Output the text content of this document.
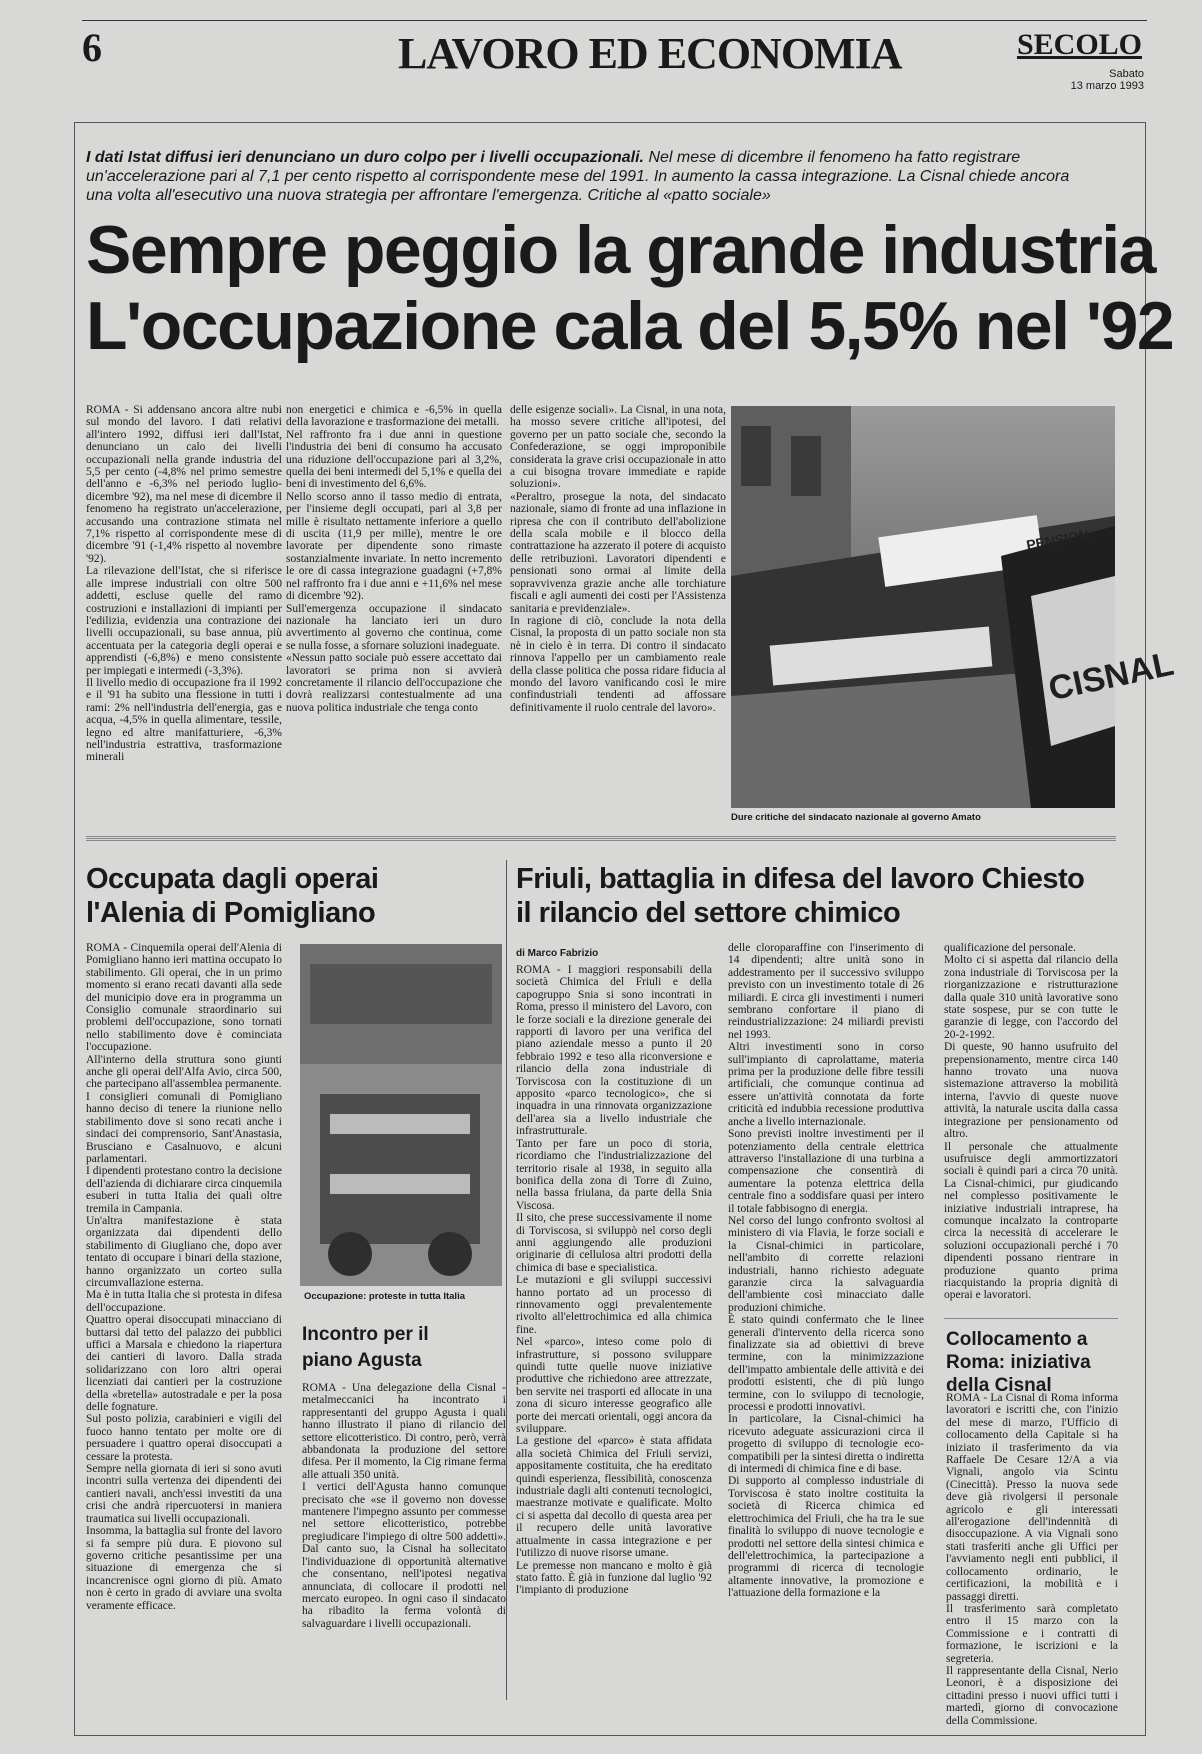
6	LAVORO ED ECONOMIA	SECOLO
Sabato
13 marzo 1993
I dati Istat diffusi ieri denunciano un duro colpo per i livelli occupazionali. Nel mese di dicembre il fenomeno ha fatto registrare un'accelerazione pari al 7,1 per cento rispetto al corrispondente mese del 1991. In aumento la cassa integrazione. La Cisnal chiede ancora una volta all'esecutivo una nuova strategia per affrontare l'emergenza. Critiche al «patto sociale»
Sempre peggio la grande industria
L'occupazione cala del 5,5% nel '92
ROMA - Si addensano ancora altre nubi sul mondo del lavoro. I dati relativi all'intero 1992, diffusi ieri dall'Istat, denunciano un calo dei livelli occupazionali nella grande industria del 5,5 per cento (-4,8% nel primo semestre dell'anno e -6,3% nel periodo luglio-dicembre '92), ma nel mese di dicembre il fenomeno ha registrato un'accelerazione, accusando una contrazione stimata nel 7,1% rispetto al corrispondente mese di dicembre '91 (-1,4% rispetto al novembre '92).
La rilevazione dell'Istat, che si riferisce alle imprese industriali con oltre 500 addetti, escluse quelle del ramo costruzioni e installazioni di impianti per l'edilizia, evidenzia una contrazione dei livelli occupazionali, su base annua, più accentuata per la categoria degli operai e apprendisti (-6,8%) e meno consistente per impiegati e intermedi (-3,3%).
Il livello medio di occupazione fra il 1992 e il '91 ha subito una flessione in tutti i rami: 2% nell'industria dell'energia, gas e acqua, -4,5% in quella alimentare, tessile, legno ed altre manifatturiere, -6,3% nell'industria estrattiva, trasformazione minerali
non energetici e chimica e -6,5% in quella della lavorazione e trasformazione dei metalli.
Nel raffronto fra i due anni in questione l'industria dei beni di consumo ha accusato una riduzione dell'occupazione pari al 3,2%, quella dei beni intermedi del 5,1% e quella dei beni di investimento del 6,6%.
Nello scorso anno il tasso medio di entrata, per l'insieme degli occupati, pari al 3,8 per mille è risultato nettamente inferiore a quello di uscita (11,9 per mille), mentre le ore lavorate per dipendente sono rimaste sostanzialmente invariate. In netto incremento le ore di cassa integrazione guadagni (+7,8% nel raffronto fra i due anni e +11,6% nel mese di dicembre '92).
Sull'emergenza occupazione il sindacato nazionale ha lanciato ieri un duro avvertimento al governo che continua, come se nulla fosse, a sfornare soluzioni inadeguate.
«Nessun patto sociale può essere accettato dai lavoratori se prima non si avvierà concretamente il rilancio dell'occupazione che dovrà realizzarsi contestualmente ad una nuova politica industriale che tenga conto
delle esigenze sociali». La Cisnal, in una nota, ha mosso severe critiche all'ipotesi, del governo per un patto sociale che, secondo la Confederazione, se oggi improponibile considerata la grave crisi occupazionale in atto a cui bisogna trovare immediate e rapide soluzioni».
«Peraltro, prosegue la nota, del sindacato nazionale, siamo di fronte ad una inflazione in ripresa che con il contributo dell'abolizione della scala mobile e il blocco della contrattazione ha azzerato il potere di acquisto delle retribuzioni. Lavoratori dipendenti e pensionati sono ormai al limite della sopravvivenza grazie anche alle torchiature fiscali e agli aumenti dei costi per l'Assistenza sanitaria e previdenziale».
In ragione di ciò, conclude la nota della Cisnal, la proposta di un patto sociale non sta nè in cielo è in terra. Di contro il sindacato rinnova l'appello per un cambiamento reale della classe politica che possa ridare fiducia al mondo del lavoro vanificando così le mire confindustriali tendenti ad affossare definitivamente il ruolo centrale del lavoro».	CISNAL
PENSION
Dure critiche del sindacato nazionale al governo Amato
Occupata dagli operai l'Alenia di Pomigliano
ROMA - Cinquemila operai dell'Alenia di Pomigliano hanno ieri mattina occupato lo stabilimento. Gli operai, che in un primo momento si erano recati davanti alla sede del municipio dove era in programma un Consiglio comunale straordinario sui problemi dell'occupazione, sono tornati nello stabilimento dove è cominciata l'occupazione.
All'interno della struttura sono giunti anche gli operai dell'Alfa Avio, circa 500, che partecipano all'assemblea permanente.
I consiglieri comunali di Pomigliano hanno deciso di tenere la riunione nello stabilimento dove si sono recati anche i sindaci dei comprensorio, Sant'Anastasia, Brusciano e Casalnuovo, e alcuni parlamentari.
I dipendenti protestano contro la decisione dell'azienda di dichiarare circa cinquemila esuberi in tutta Italia dei quali oltre tremila in Campania.
Un'altra manifestazione è stata organizzata dai dipendenti dello stabilimento di Giugliano che, dopo aver tentato di occupare i binari della stazione, hanno organizzato un corteo sulla circumvallazione esterna.
Ma è in tutta Italia che si protesta in difesa dell'occupazione.
Quattro operai disoccupati minacciano di buttarsi dal tetto del palazzo dei pubblici uffici a Marsala e chiedono la riapertura dei cantieri di lavoro. Dalla strada solidarizzano con loro altri operai licenziati dai cantieri per la costruzione della «bretella» autostradale e per la posa delle fognature.
Sul posto polizia, carabinieri e vigili del fuoco hanno tentato per molte ore di persuadere i quattro operai disoccupati a cessare la protesta.
Sempre nella giornata di ieri si sono avuti incontri sulla vertenza dei dipendenti dei cantieri navali, anch'essi investiti da una crisi che andrà ripercuotersi in maniera traumatica sui livelli occupazionali.
Insomma, la battaglia sul fronte del lavoro si fa sempre più dura. E piovono sul governo critiche pesantissime per una situazione di emergenza che si incancrenisce ogni giorno di più. Amato non è certo in grado di avviare una svolta veramente efficace.
Occupazione: proteste in tutta Italia
Incontro per il piano Agusta
ROMA - Una delegazione della Cisnal - metalmeccanici ha incontrato i rappresentanti del gruppo Agusta i quali hanno illustrato il piano di rilancio del settore elicotteristico. Di contro, però, verrà abbandonata la produzione del settore difesa. Per il momento, la Cig rimane ferma alle attuali 350 unità.
I vertici dell'Agusta hanno comunque precisato che «se il governo non dovesse mantenere l'impegno assunto per commesse nel settore elicotteristico, potrebbe pregiudicare l'impiego di oltre 500 addetti». Dal canto suo, la Cisnal ha sollecitato l'individuazione di opportunità alternative che consentano, nell'ipotesi negativa annunciata, di collocare il prodotti nel mercato europeo. In ogni caso il sindacato ha ribadito la ferma volontà di salvaguardare i livelli occupazionali.
Friuli, battaglia in difesa del lavoro Chiesto il rilancio del settore chimico
di Marco Fabrizio
ROMA - I maggiori responsabili della società Chimica del Friuli e della capogruppo Snia si sono incontrati in Roma, presso il ministero del Lavoro, con le forze sociali e la direzione generale dei rapporti di lavoro per una verifica del piano aziendale messo a punto il 20 febbraio 1992 e teso alla riconversione e rilancio della zona industriale di Torviscosa con la costituzione di un apposito «parco tecnologico», che si inquadra in una rinnovata organizzazione dell'area sia a livello industriale che infrastrutturale.
Tanto per fare un poco di storia, ricordiamo che l'industrializzazione del territorio risale al 1938, in seguito alla bonifica della zona di Torre di Zuino, nella bassa friulana, da parte della Snia Viscosa.
Il sito, che prese successivamente il nome di Torviscosa, si sviluppò nel corso degli anni aggiungendo alle produzioni originarie di cellulosa altri prodotti della chimica di base e specialistica.
Le mutazioni e gli sviluppi successivi hanno portato ad un processo di rinnovamento oggi prevalentemente rivolto all'elettrochimica ed alla chimica fine.
Nel «parco», inteso come polo di infrastrutture, si possono sviluppare quindi tutte quelle nuove iniziative produttive che richiedono aree attrezzate, ben servite nei trasporti ed allocate in una zona di sicuro interesse geografico alle porte dei mercati orientali, oggi ancora da sviluppare.
La gestione del «parco» è stata affidata alla società Chimica del Friuli servizi, appositamente costituita, che ha ereditato quindi esperienza, flessibilità, conoscenza industriale dagli alti contenuti tecnologici, maestranze motivate e qualificate. Molto ci si aspetta dal decollo di questa area per il recupero delle unità lavorative attualmente in cassa integrazione e per l'utilizzo di nuove risorse umane.
Le premesse non mancano e molto è già stato fatto. È già in funzione dal luglio '92 l'impianto di produzione
delle cloroparaffine con l'inserimento di 14 dipendenti; altre unità sono in addestramento per il successivo sviluppo previsto con un investimento totale di 26 miliardi. E circa gli investimenti i numeri sembrano confortare il piano di reindustrializzazione: 24 miliardi previsti nel 1993.
Altri investimenti sono in corso sull'impianto di caprolattame, materia prima per la produzione delle fibre tessili artificiali, che comunque continua ad essere un'attività connotata da forte criticità ed indubbia recessione produttiva anche a livello internazionale.
Sono previsti inoltre investimenti per il potenziamento della centrale elettrica attraverso l'installazione di una turbina a compensazione che consentirà di aumentare la potenza elettrica della centrale fino a soddisfare quasi per intero il totale fabbisogno di energia.
Nel corso del lungo confronto svoltosi al ministero di via Flavia, le forze sociali e la Cisnal-chimici in particolare, nell'ambito di corrette relazioni industriali, hanno richiesto adeguate garanzie circa la salvaguardia dell'ambiente così minacciato dalle produzioni chimiche.
È stato quindi confermato che le linee generali d'intervento della ricerca sono finalizzate sia ad obiettivi di breve termine, con la minimizzazione dell'impatto ambientale delle attività e dei prodotti esistenti, che di più lungo termine, con lo sviluppo di tecnologie, processi e prodotti innovativi.
In particolare, la Cisnal-chimici ha ricevuto adeguate assicurazioni circa il progetto di sviluppo di tecnologie eco-compatibili per la sintesi diretta o indiretta di intermedi di chimica fine e di base.
Di supporto al complesso industriale di Torviscosa è stato inoltre costituita la società di Ricerca chimica ed elettrochimica del Friuli, che ha tra le sue finalità lo sviluppo di nuove tecnologie e prodotti nel settore della sintesi chimica e dell'elettrochimica, la partecipazione a programmi di ricerca di tecnologie altamente innovative, la promozione e l'attuazione della formazione e la
qualificazione del personale.
Molto ci si aspetta dal rilancio della zona industriale di Torviscosa per la riorganizzazione e ristrutturazione dalla quale 310 unità lavorative sono state sospese, pur se con tutte le garanzie di legge, con l'accordo del 20-2-1992.
Di queste, 90 hanno usufruito del prepensionamento, mentre circa 140 hanno trovato una nuova sistemazione attraverso la mobilità interna, l'avvio di queste nuove attività, la naturale uscita dalla cassa integrazione per pensionamento od altro.
Il personale che attualmente usufruisce degli ammortizzatori sociali è quindi pari a circa 70 unità. La Cisnal-chimici, pur giudicando nel complesso positivamente le iniziative industriali intraprese, ha comunque incalzato la controparte circa la necessità di accelerare le soluzioni occupazionali perché i 70 dipendenti possano rientrare in produzione quanto prima riacquistando la propria dignità di operai e lavoratori.
Collocamento a Roma: iniziativa della Cisnal
ROMA - La Cisnal di Roma informa lavoratori e iscritti che, con l'inizio del mese di marzo, l'Ufficio di collocamento della Capitale si ha iniziato il trasferimento da via Raffaele De Cesare 12/A a via Vignali, angolo via Scintu (Cinecittà). Presso la nuova sede deve già rivolgersi il personale agricolo e gli interessati all'erogazione dell'indennità di disoccupazione. A via Vignali sono stati trasferiti anche gli Uffici per l'avviamento negli enti pubblici, il collocamento ordinario, le certificazioni, la mobilità e i passaggi diretti.
Il trasferimento sarà completato entro il 15 marzo con la Commissione e i contratti di formazione, le iscrizioni e la segreteria.
Il rappresentante della Cisnal, Nerio Leonori, è a disposizione dei cittadini presso i nuovi uffici tutti i martedì, giorno di convocazione della Commissione.
